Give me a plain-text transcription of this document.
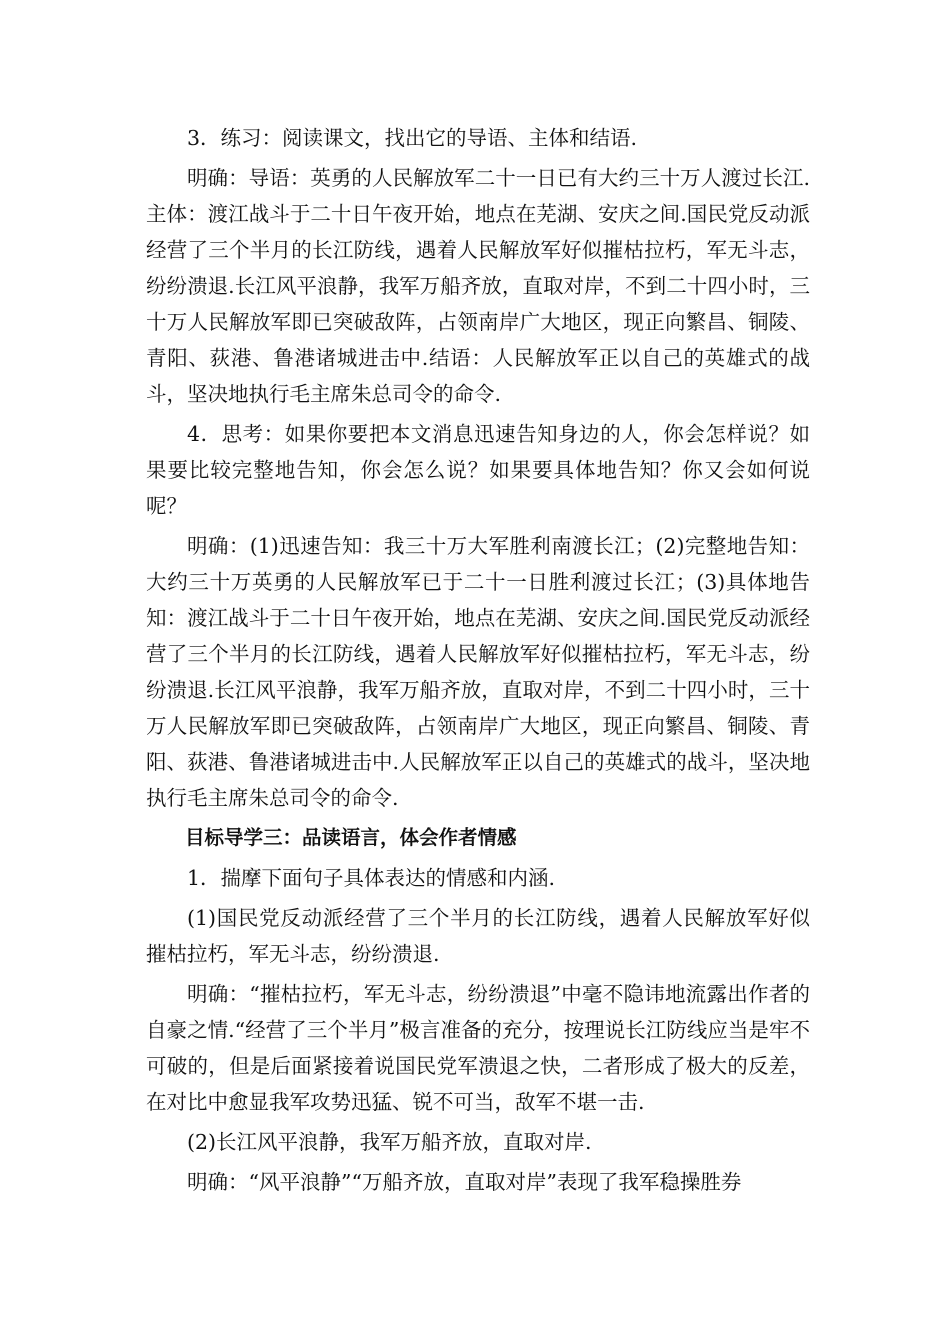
3．练习：阅读课文，找出它的导语、主体和结语.

明确：导语：英勇的人民解放军二十一日已有大约三十万人渡过长江.主体：渡江战斗于二十日午夜开始，地点在芜湖、安庆之间.国民党反动派经营了三个半月的长江防线，遇着人民解放军好似摧枯拉朽，军无斗志，纷纷溃退.长江风平浪静，我军万船齐放，直取对岸，不到二十四小时，三十万人民解放军即已突破敌阵，占领南岸广大地区，现正向繁昌、铜陵、青阳、荻港、鲁港诸城进击中.结语：人民解放军正以自己的英雄式的战斗，坚决地执行毛主席朱总司令的命令.

4．思考：如果你要把本文消息迅速告知身边的人，你会怎样说？如果要比较完整地告知，你会怎么说？如果要具体地告知？你又会如何说呢？

明确：(1)迅速告知：我三十万大军胜利南渡长江；(2)完整地告知：大约三十万英勇的人民解放军已于二十一日胜利渡过长江；(3)具体地告知：渡江战斗于二十日午夜开始，地点在芜湖、安庆之间.国民党反动派经营了三个半月的长江防线，遇着人民解放军好似摧枯拉朽，军无斗志，纷纷溃退.长江风平浪静，我军万船齐放，直取对岸，不到二十四小时，三十万人民解放军即已突破敌阵，占领南岸广大地区，现正向繁昌、铜陵、青阳、荻港、鲁港诸城进击中.人民解放军正以自己的英雄式的战斗，坚决地执行毛主席朱总司令的命令.

目标导学三：品读语言，体会作者情感

1．揣摩下面句子具体表达的情感和内涵.

(1)国民党反动派经营了三个半月的长江防线，遇着人民解放军好似摧枯拉朽，军无斗志，纷纷溃退.

明确：“摧枯拉朽，军无斗志，纷纷溃退”中毫不隐讳地流露出作者的自豪之情.“经营了三个半月”极言准备的充分，按理说长江防线应当是牢不可破的，但是后面紧接着说国民党军溃退之快，二者形成了极大的反差，在对比中愈显我军攻势迅猛、锐不可当，敌军不堪一击.

(2)长江风平浪静，我军万船齐放，直取对岸.

明确：“风平浪静”“万船齐放，直取对岸”表现了我军稳操胜券
